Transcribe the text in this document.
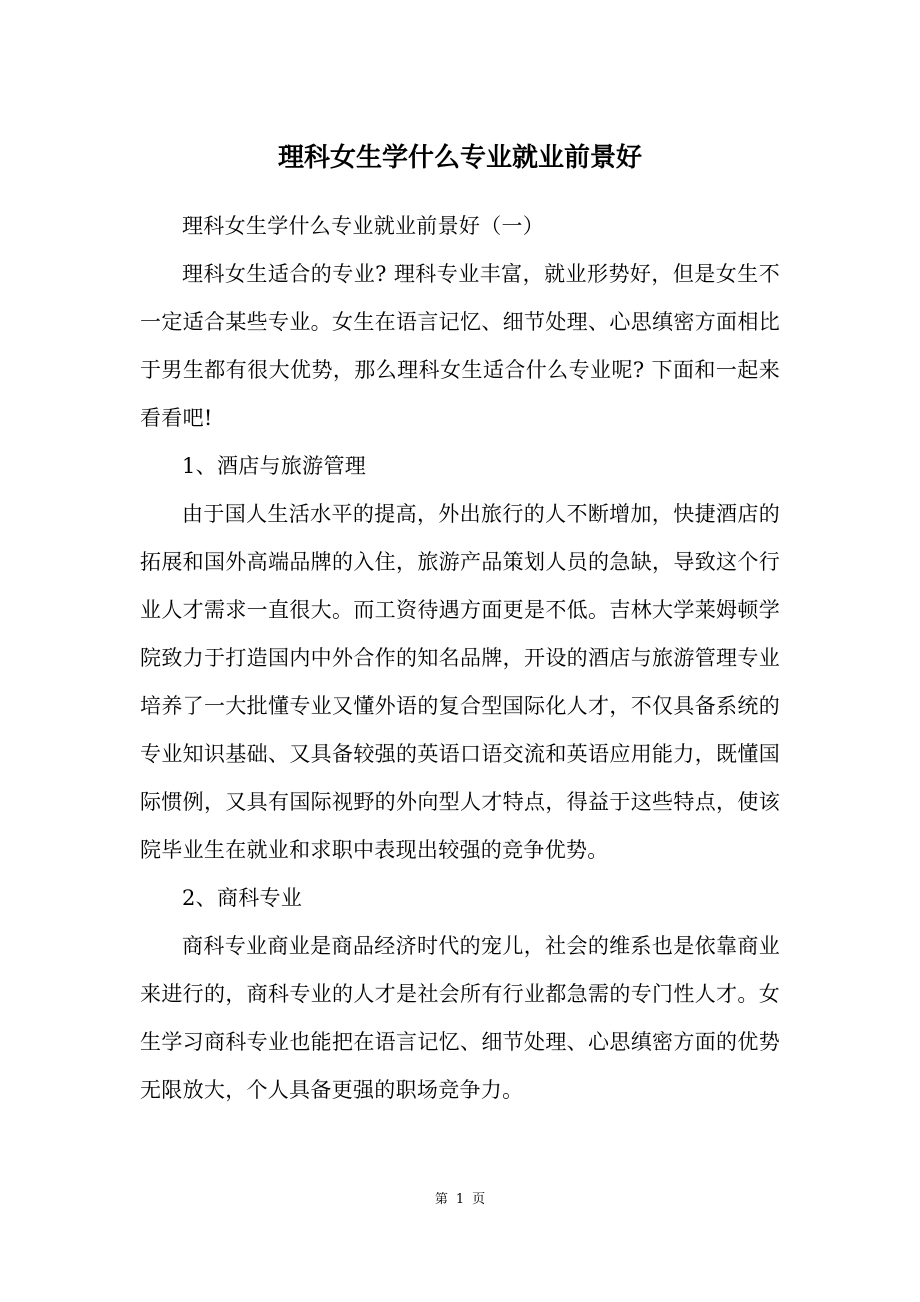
理科女生学什么专业就业前景好

理科女生学什么专业就业前景好（一）

理科女生适合的专业? 理科专业丰富，就业形势好，但是女生不一定适合某些专业。女生在语言记忆、细节处理、心思缜密方面相比于男生都有很大优势，那么理科女生适合什么专业呢? 下面和一起来看看吧!

1、酒店与旅游管理

由于国人生活水平的提高，外出旅行的人不断增加，快捷酒店的拓展和国外高端品牌的入住，旅游产品策划人员的急缺，导致这个行业人才需求一直很大。而工资待遇方面更是不低。吉林大学莱姆顿学院致力于打造国内中外合作的知名品牌，开设的酒店与旅游管理专业培养了一大批懂专业又懂外语的复合型国际化人才，不仅具备系统的专业知识基础、又具备较强的英语口语交流和英语应用能力，既懂国际惯例，又具有国际视野的外向型人才特点，得益于这些特点，使该院毕业生在就业和求职中表现出较强的竞争优势。

2、商科专业

商科专业商业是商品经济时代的宠儿，社会的维系也是依靠商业来进行的，商科专业的人才是社会所有行业都急需的专门性人才。女生学习商科专业也能把在语言记忆、细节处理、心思缜密方面的优势无限放大，个人具备更强的职场竞争力。

第 1 页
